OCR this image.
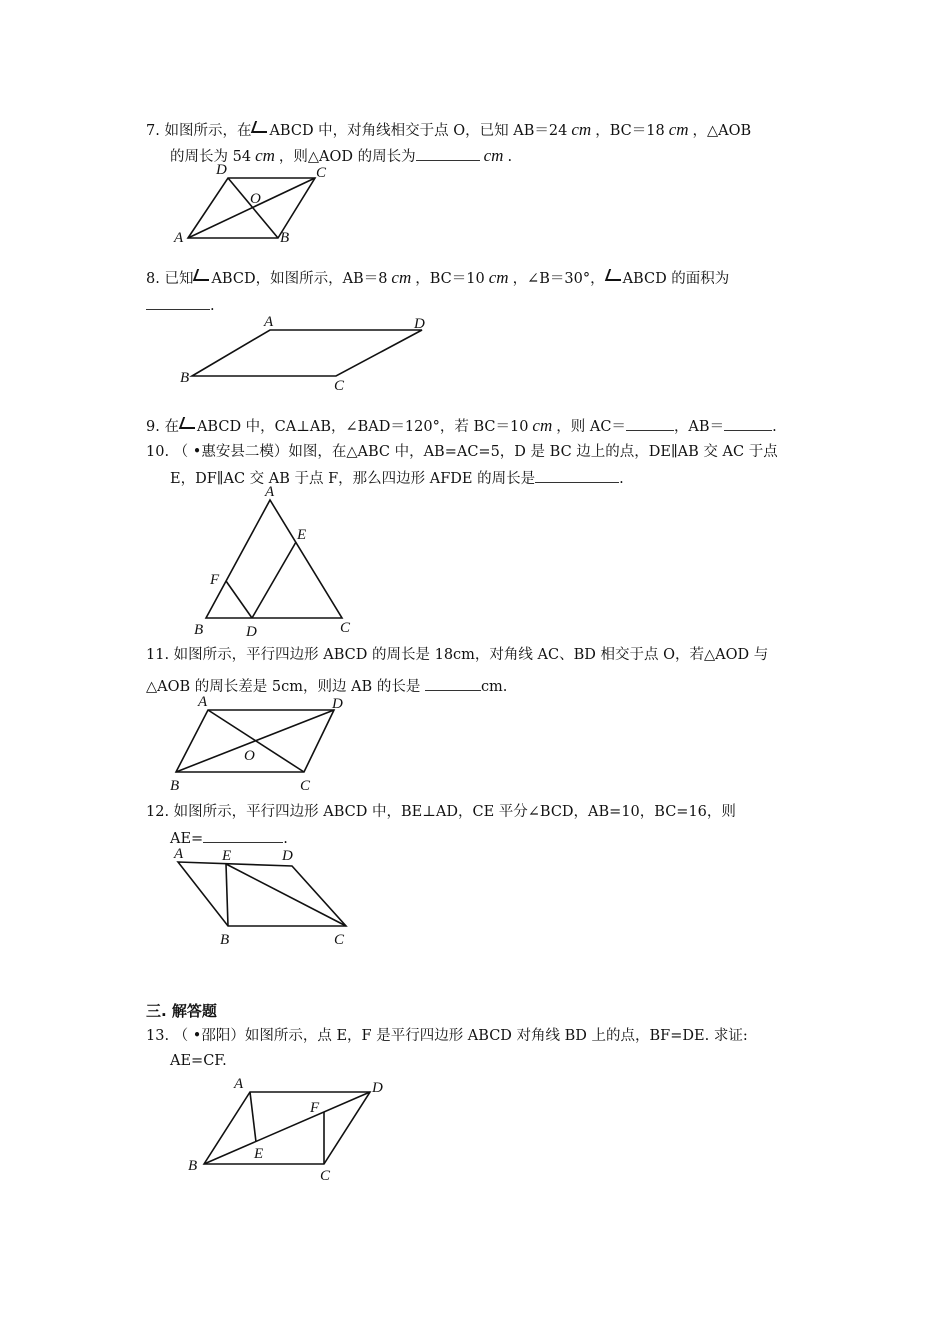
7. 如图所示，在 ABCD 中，对角线相交于点 O，已知 AB＝24 cm ，BC＝18 cm ，△AOB
的周长为 54 cm ，则△AOD 的周长为	cm .
A	B
C
D
O
8. 已知 ABCD，如图所示，AB＝8 cm ，BC＝10 cm ，∠B＝30°， ABCD 的面积为
.
A
B	C
D
9. 在 ABCD 中，CA⊥AB，∠BAD＝120°，若 BC＝10 cm ，则 AC＝	，AB＝	.
10. （ •惠安县二模）如图，在△ABC 中，AB=AC=5，D 是 BC 边上的点，DE∥AB 交 AC 于点
E，DF∥AC 交 AB 于点 F，那么四边形 AFDE 的周长是	.
A
B	C
D
E
F
11. 如图所示，平行四边形 ABCD 的周长是 18cm，对角线 AC、BD 相交于点 O，若△AOD 与
△AOB 的周长差是 5cm，则边 AB 的长是	cm.
A
B	C
D
O
12. 如图所示，平行四边形 ABCD 中，BE⊥AD，CE 平分∠BCD，AB=10，BC=16，则
AE=	.
A
B	C
D
E
三. 解答题
13. （ •邵阳）如图所示，点 E，F 是平行四边形 ABCD 对角线 BD 上的点，BF=DE. 求证:
AE=CF.
A
B
C
D
E
F
